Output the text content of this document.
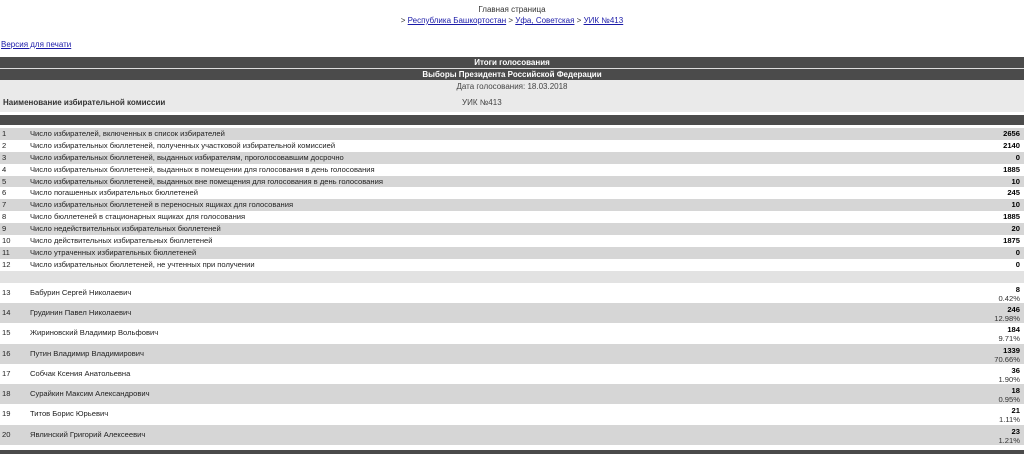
Главная страница
> Республика Башкортостан > Уфа, Советская > УИК №413
Версия для печати
Итоги голосования
Выборы Президента Российской Федерации
Дата голосования: 18.03.2018
Наименование избирательной комиссии	УИК №413
1	Число избирателей, включенных в список избирателей	2656
2	Число избирательных бюллетеней, полученных участковой избирательной комиссией	2140
3	Число избирательных бюллетеней, выданных избирателям, проголосовавшим досрочно	0
4	Число избирательных бюллетеней, выданных в помещении для голосования в день голосования	1885
5	Число избирательных бюллетеней, выданных вне помещения для голосования в день голосования	10
6	Число погашенных избирательных бюллетеней	245
7	Число избирательных бюллетеней в переносных ящиках для голосования	10
8	Число бюллетеней в стационарных ящиках для голосования	1885
9	Число недействительных избирательных бюллетеней	20
10	Число действительных избирательных бюллетеней	1875
11	Число утраченных избирательных бюллетеней	0
12	Число избирательных бюллетеней, не учтенных при получении	0
13	Бабурин Сергей Николаевич	8
0.42%
14	Грудинин Павел Николаевич	246
12.98%
15	Жириновский Владимир Вольфович	184
9.71%
16	Путин Владимир Владимирович	1339
70.66%
17	Собчак Ксения Анатольевна	36
1.90%
18	Сурайкин Максим Александрович	18
0.95%
19	Титов Борис Юрьевич	21
1.11%
20	Явлинский Григорий Алексеевич	23
1.21%
